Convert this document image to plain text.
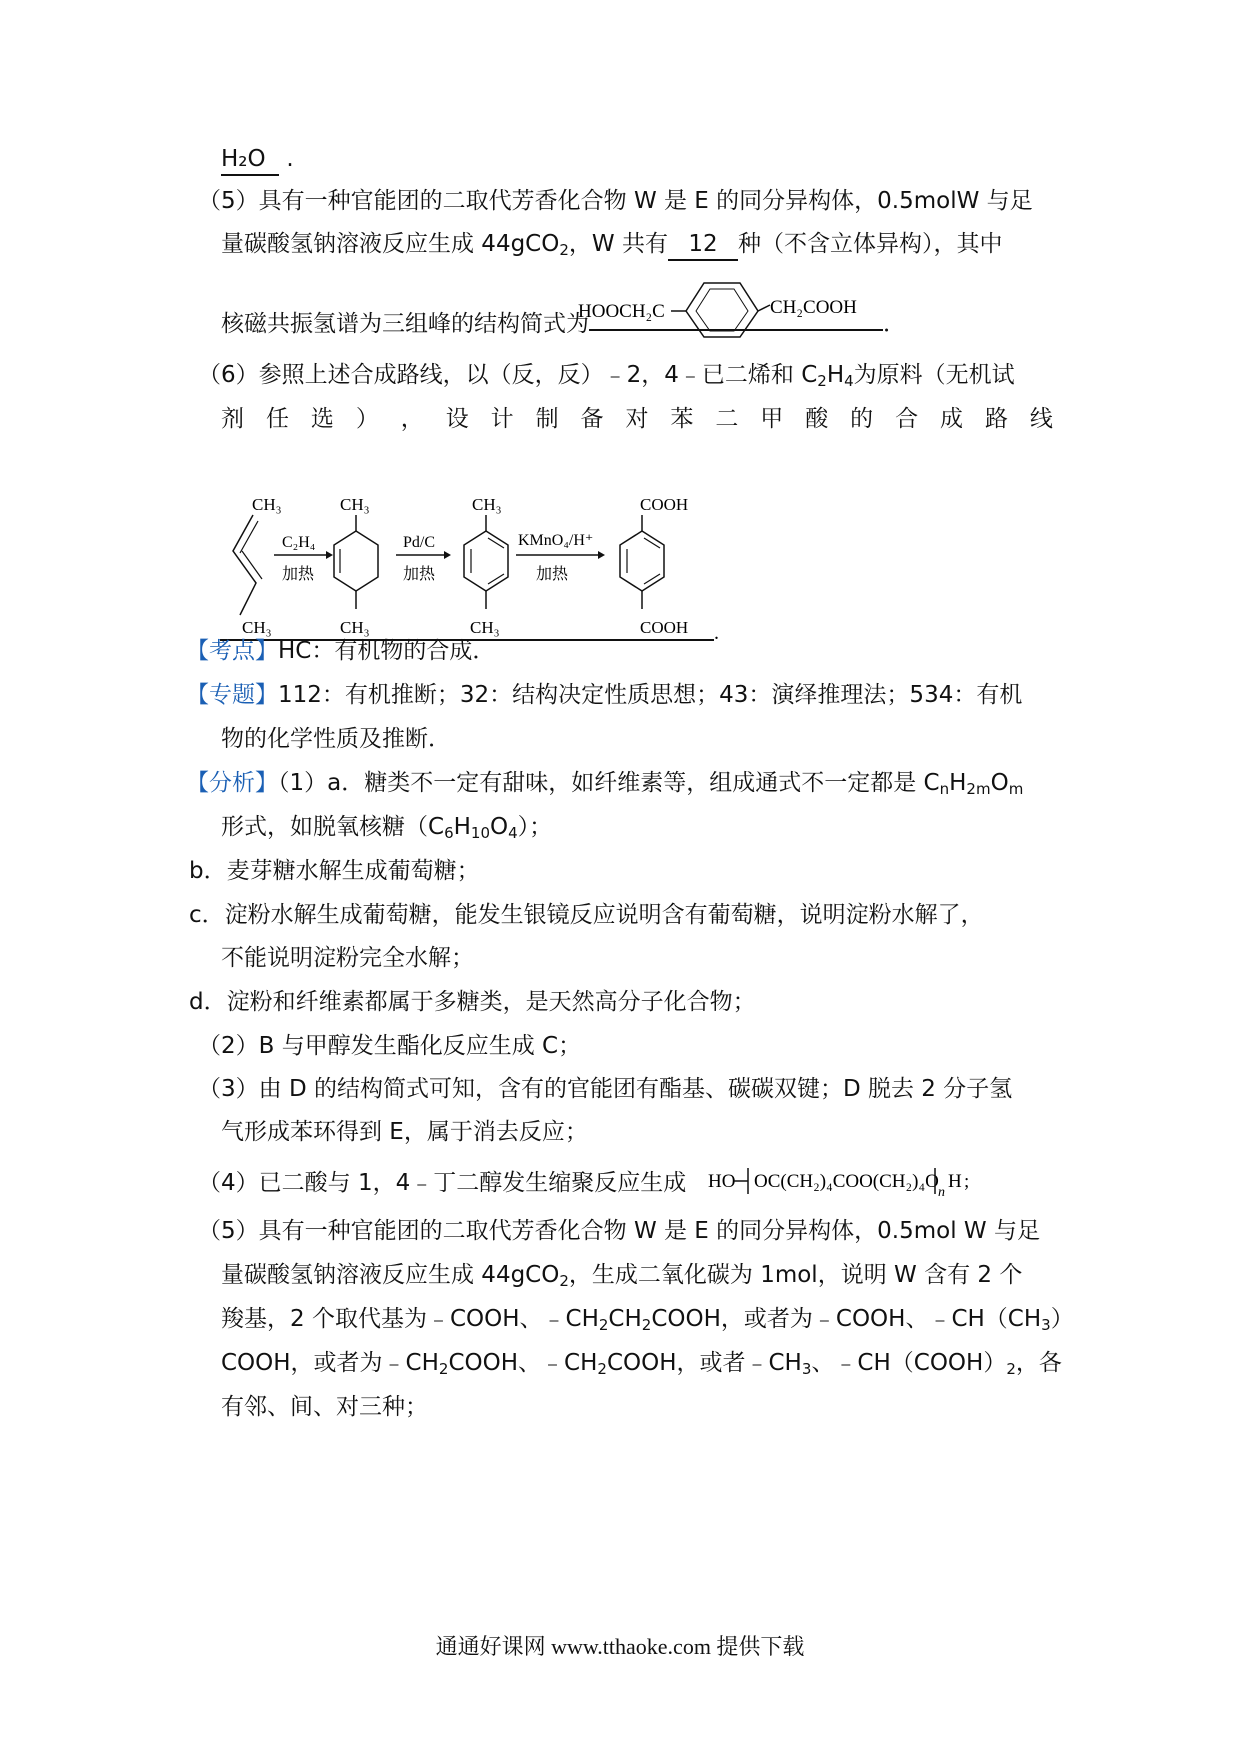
H₂O .
（5）具有一种官能团的二取代芳香化合物 W 是 E 的同分异构体，0.5molW 与足
量碳酸氢钠溶液反应生成 44gCO$_2$，W 共有 12 种（不含立体异构），其中
HOOCH₂C	CH₂COOH
核磁共振氢谱为三组峰的结构简式为	．
（6）参照上述合成路线，以（反，反）﹣2，4﹣已二烯和 $C_2H_4$为原料（无机试
剂 任 选 ） ， 设 计 制 备 对 苯 二 甲 酸 的 合 成 路 线
CH₃
CH₃
C₂H₄
加热
CH₃
CH₃
Pd/C
加热
CH₃
CH₃
KMnO₄/H⁺
加热
COOH
COOH .
【考点】HC：有机物的合成．
【专题】112：有机推断；32：结构决定性质思想；43：演绎推理法；534：有机
物的化学性质及推断．
【分析】（1）a．糖类不一定有甜味，如纤维素等，组成通式不一定都是 $C_nH_{2m}O_m$
形式，如脱氧核糖$(C_6H_{10}O_4)$；
b．麦芽糖水解生成葡萄糖；
c．淀粉水解生成葡萄糖，能发生银镜反应说明含有葡萄糖，说明淀粉水解了，
不能说明淀粉完全水解；
d．淀粉和纤维素都属于多糖类，是天然高分子化合物；
（2）B 与甲醇发生酯化反应生成 C；
（3）由 D 的结构简式可知，含有的官能团有酯基、碳碳双键；D 脱去 2 分子氢
气形成苯环得到 E，属于消去反应；
（4）已二酸与 1，4﹣丁二醇发生缩聚反应生成 HO OC(CH₂)₄COO(CH₂)₄O
n
H ;
（5）具有一种官能团的二取代芳香化合物 W 是 E 的同分异构体，0.5mol W 与足
量碳酸氢钠溶液反应生成 44gCO$_2$，生成二氧化碳为 1mol，说明 W 含有 2 个
羧基，2 个取代基为﹣COOH、$﹣CH_2CH_2COOH$，或者为﹣COOH、$﹣CH(CH_3)$
COOH，或者为$﹣CH_2COOH$、$﹣CH_2COOH$，或者$﹣CH_3$、$﹣CH(COOH)_2$，各
有邻、间、对三种；
通通好课网 www.tthaoke.com 提供下载
